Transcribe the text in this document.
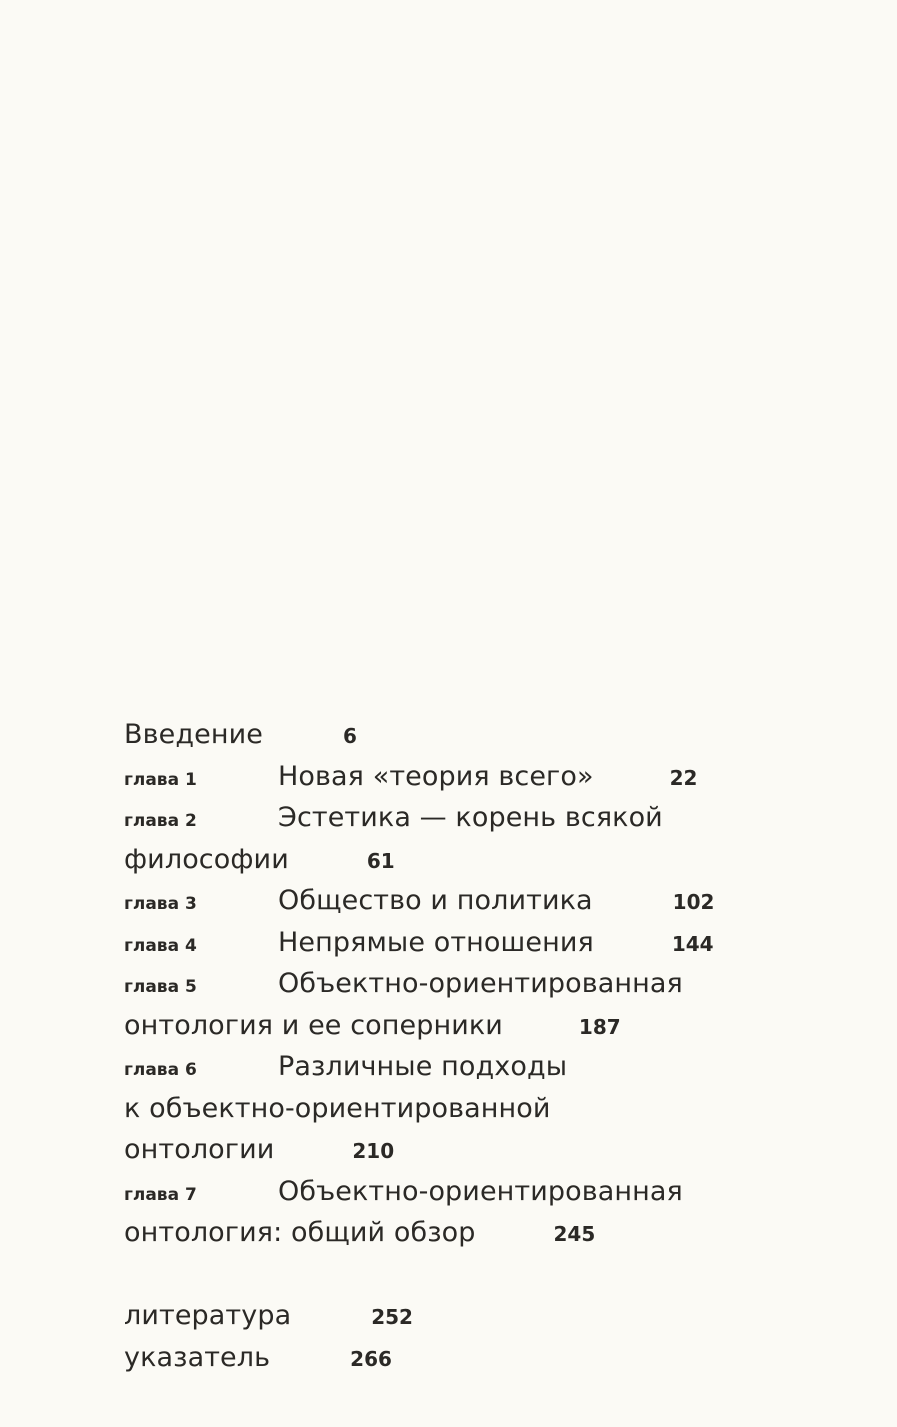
Введение	6
глава 1	Новая «теория всего»	22
глава 2	Эстетика — корень всякой
философии	61
глава 3	Общество и политика	102
глава 4	Непрямые отношения	144
глава 5	Объектно-ориентированная
онтология и ее соперники	187
глава 6	Различные подходы
к объектно-ориентированной
онтологии	210
глава 7	Объектно-ориентированная
онтология: общий обзор	245
литература	252
указатель	266
